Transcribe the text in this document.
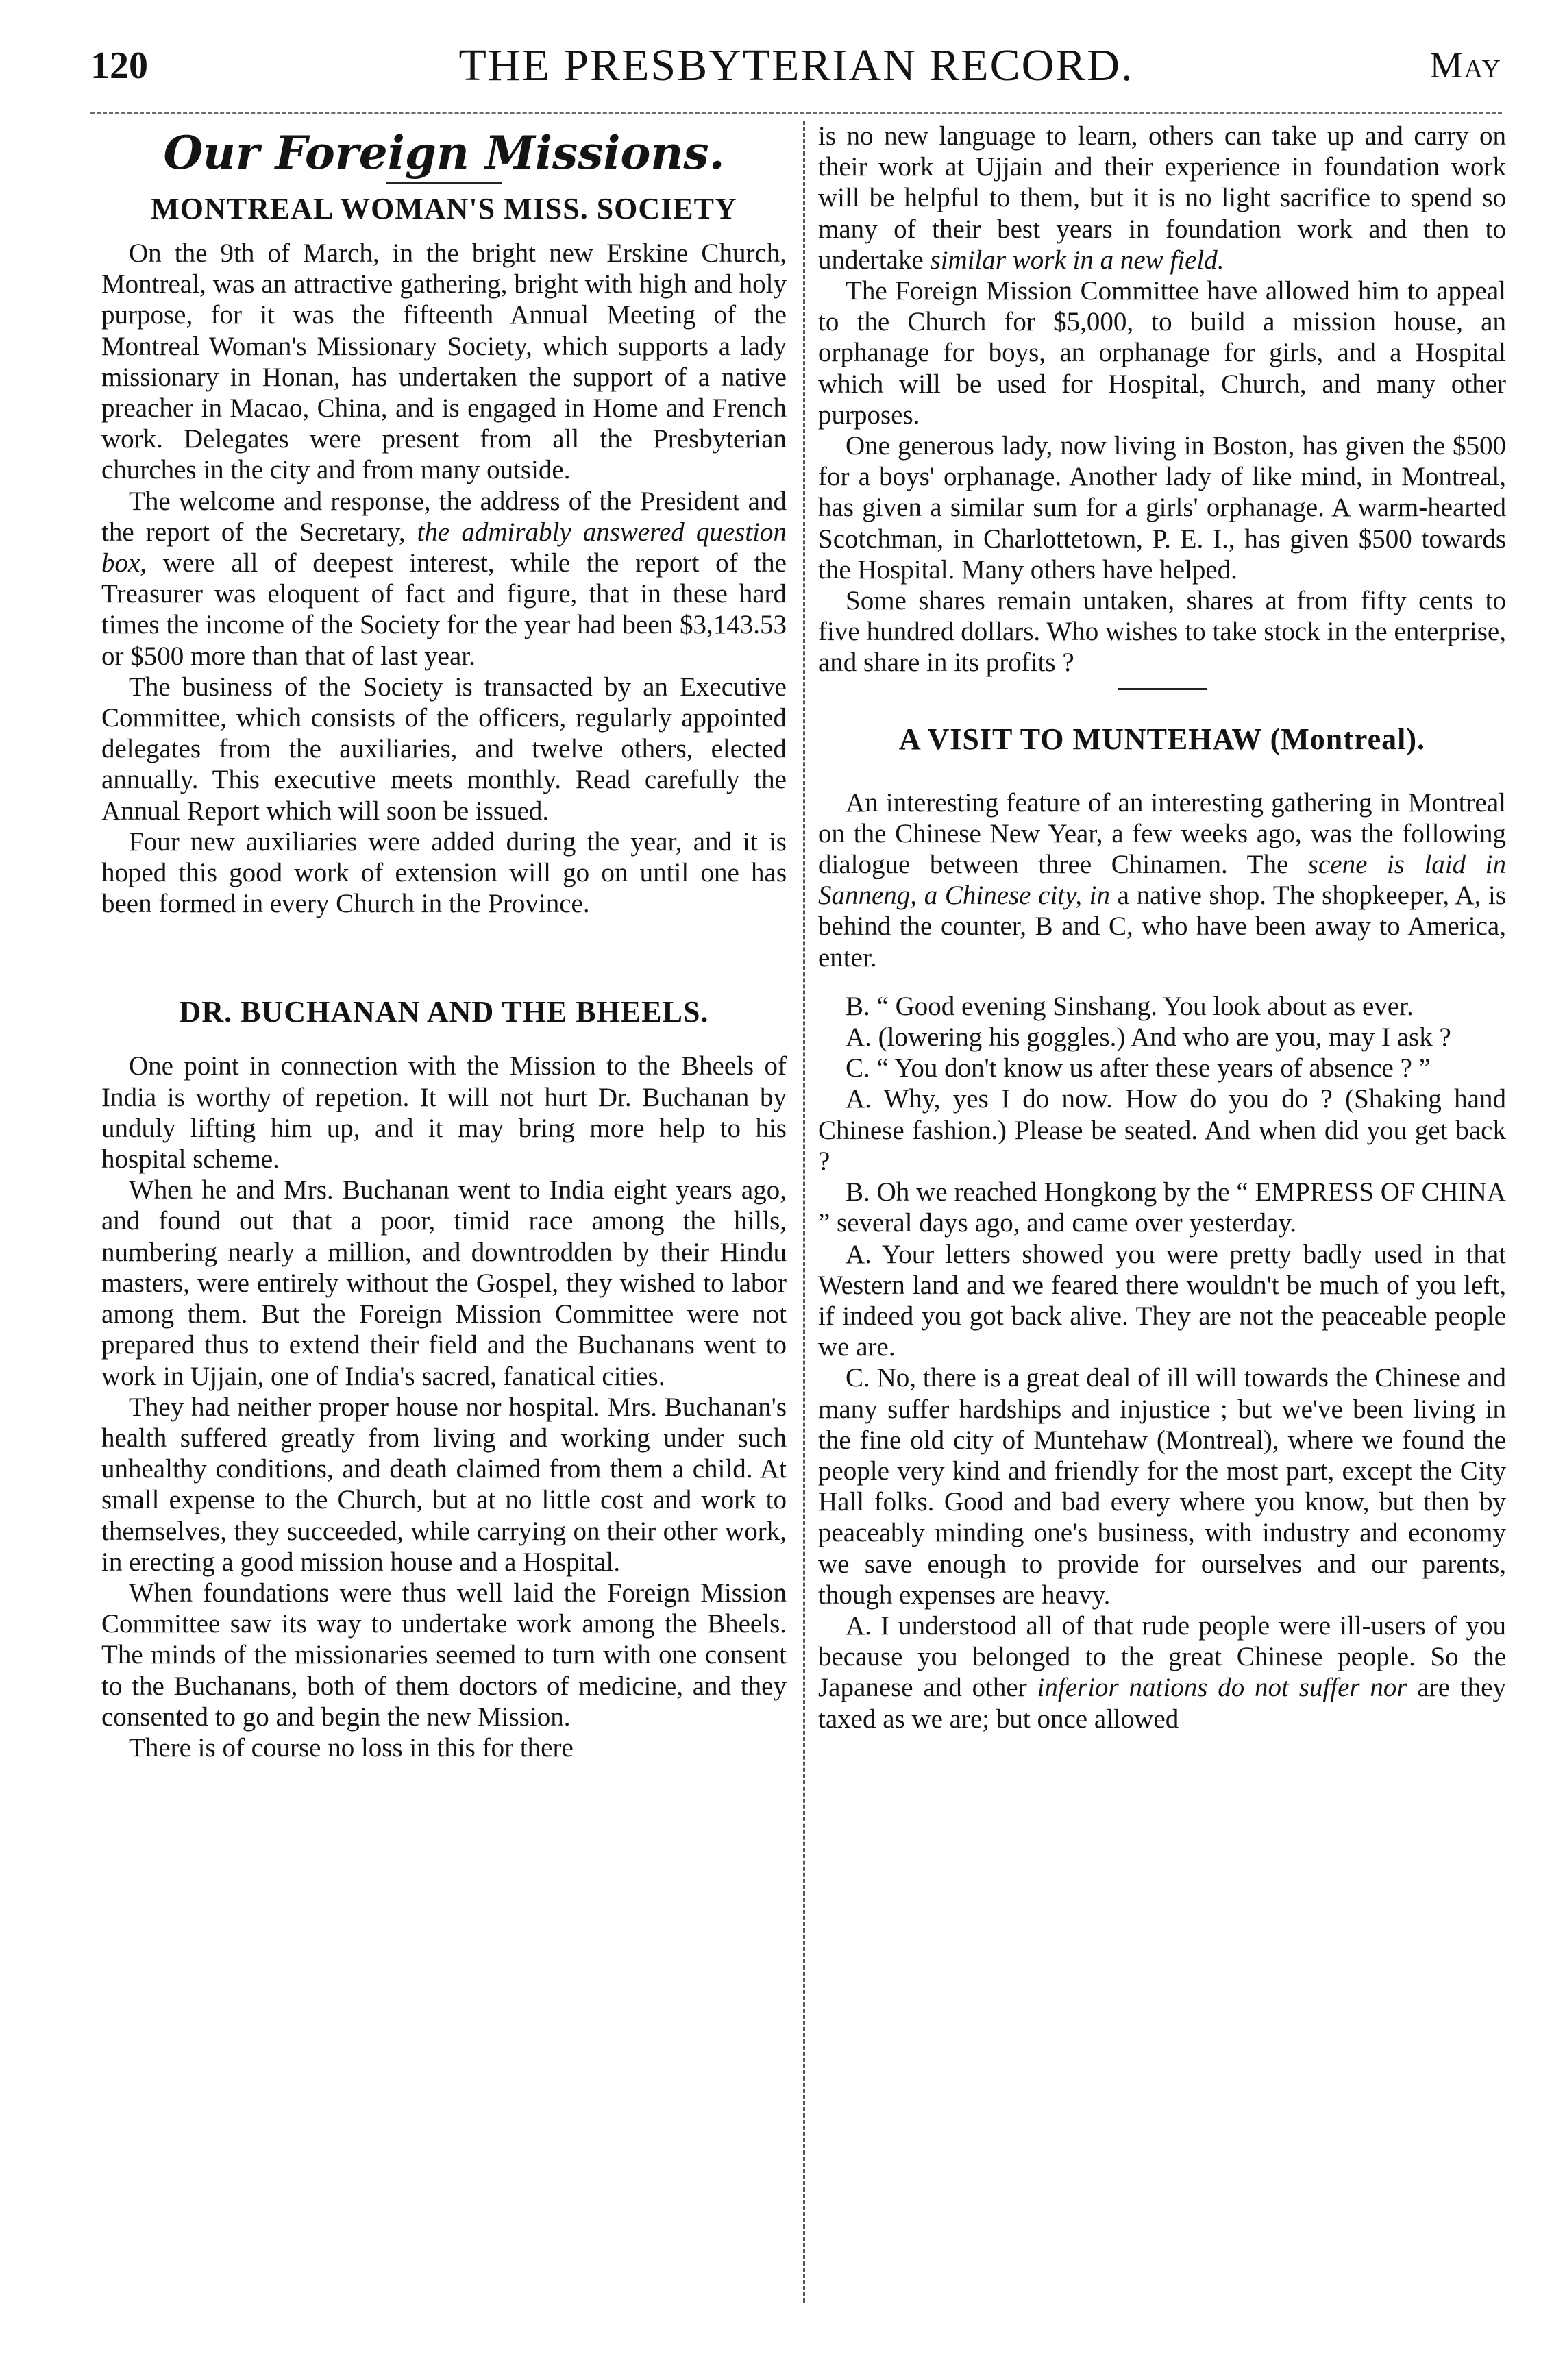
120	THE PRESBYTERIAN RECORD.	May
Our Foreign Missions.
MONTREAL WOMAN'S MISS. SOCIETY

On the 9th of March, in the bright new Erskine Church, Montreal, was an attractive gathering, bright with high and holy purpose, for it was the fifteenth Annual Meeting of the Montreal Woman's Missionary Society, which supports a lady missionary in Honan, has undertaken the support of a native preacher in Macao, China, and is engaged in Home and French work. Delegates were present from all the Presbyterian churches in the city and from many outside.

The welcome and response, the address of the President and the report of the Secretary, the admirably answered question box, were all of deepest interest, while the report of the Treasurer was eloquent of fact and figure, that in these hard times the income of the Society for the year had been $3,143.53 or $500 more than that of last year.

The business of the Society is transacted by an Executive Committee, which consists of the officers, regularly appointed delegates from the auxiliaries, and twelve others, elected annually. This executive meets monthly. Read carefully the Annual Report which will soon be issued.

Four new auxiliaries were added during the year, and it is hoped this good work of extension will go on until one has been formed in every Church in the Province.

DR. BUCHANAN AND THE BHEELS.

One point in connection with the Mission to the Bheels of India is worthy of repetion. It will not hurt Dr. Buchanan by unduly lifting him up, and it may bring more help to his hospital scheme.

When he and Mrs. Buchanan went to India eight years ago, and found out that a poor, timid race among the hills, numbering nearly a million, and downtrodden by their Hindu masters, were entirely without the Gospel, they wished to labor among them. But the Foreign Mission Committee were not prepared thus to extend their field and the Buchanans went to work in Ujjain, one of India's sacred, fanatical cities.

They had neither proper house nor hospital. Mrs. Buchanan's health suffered greatly from living and working under such unhealthy conditions, and death claimed from them a child. At small expense to the Church, but at no little cost and work to themselves, they succeeded, while carrying on their other work, in erecting a good mission house and a Hospital.

When foundations were thus well laid the Foreign Mission Committee saw its way to undertake work among the Bheels. The minds of the missionaries seemed to turn with one consent to the Buchanans, both of them doctors of medicine, and they consented to go and begin the new Mission.

There is of course no loss in this for there

is no new language to learn, others can take up and carry on their work at Ujjain and their experience in foundation work will be helpful to them, but it is no light sacrifice to spend so many of their best years in foundation work and then to undertake similar work in a new field.

The Foreign Mission Committee have allowed him to appeal to the Church for $5,000, to build a mission house, an orphanage for boys, an orphanage for girls, and a Hospital which will be used for Hospital, Church, and many other purposes.

One generous lady, now living in Boston, has given the $500 for a boys' orphanage. Another lady of like mind, in Montreal, has given a similar sum for a girls' orphanage. A warm-hearted Scotchman, in Charlottetown, P. E. I., has given $500 towards the Hospital. Many others have helped.

Some shares remain untaken, shares at from fifty cents to five hundred dollars. Who wishes to take stock in the enterprise, and share in its profits ?

A VISIT TO MUNTEHAW (Montreal).

An interesting feature of an interesting gathering in Montreal on the Chinese New Year, a few weeks ago, was the following dialogue between three Chinamen. The scene is laid in Sanneng, a Chinese city, in a native shop. The shopkeeper, A, is behind the counter, B and C, who have been away to America, enter.

B. “ Good evening Sinshang. You look about as ever.

A. (lowering his goggles.) And who are you, may I ask ?

C. “ You don't know us after these years of absence ? ”

A. Why, yes I do now. How do you do ? (Shaking hand Chinese fashion.) Please be seated. And when did you get back ?

B. Oh we reached Hongkong by the “ EMPRESS OF CHINA ” several days ago, and came over yesterday.

A. Your letters showed you were pretty badly used in that Western land and we feared there wouldn't be much of you left, if indeed you got back alive. They are not the peaceable people we are.

C. No, there is a great deal of ill will towards the Chinese and many suffer hardships and injustice ; but we've been living in the fine old city of Muntehaw (Montreal), where we found the people very kind and friendly for the most part, except the City Hall folks. Good and bad every where you know, but then by peaceably minding one's business, with industry and economy we save enough to provide for ourselves and our parents, though expenses are heavy.

A. I understood all of that rude people were ill-users of you because you belonged to the great Chinese people. So the Japanese and other inferior nations do not suffer nor are they taxed as we are; but once allowed
